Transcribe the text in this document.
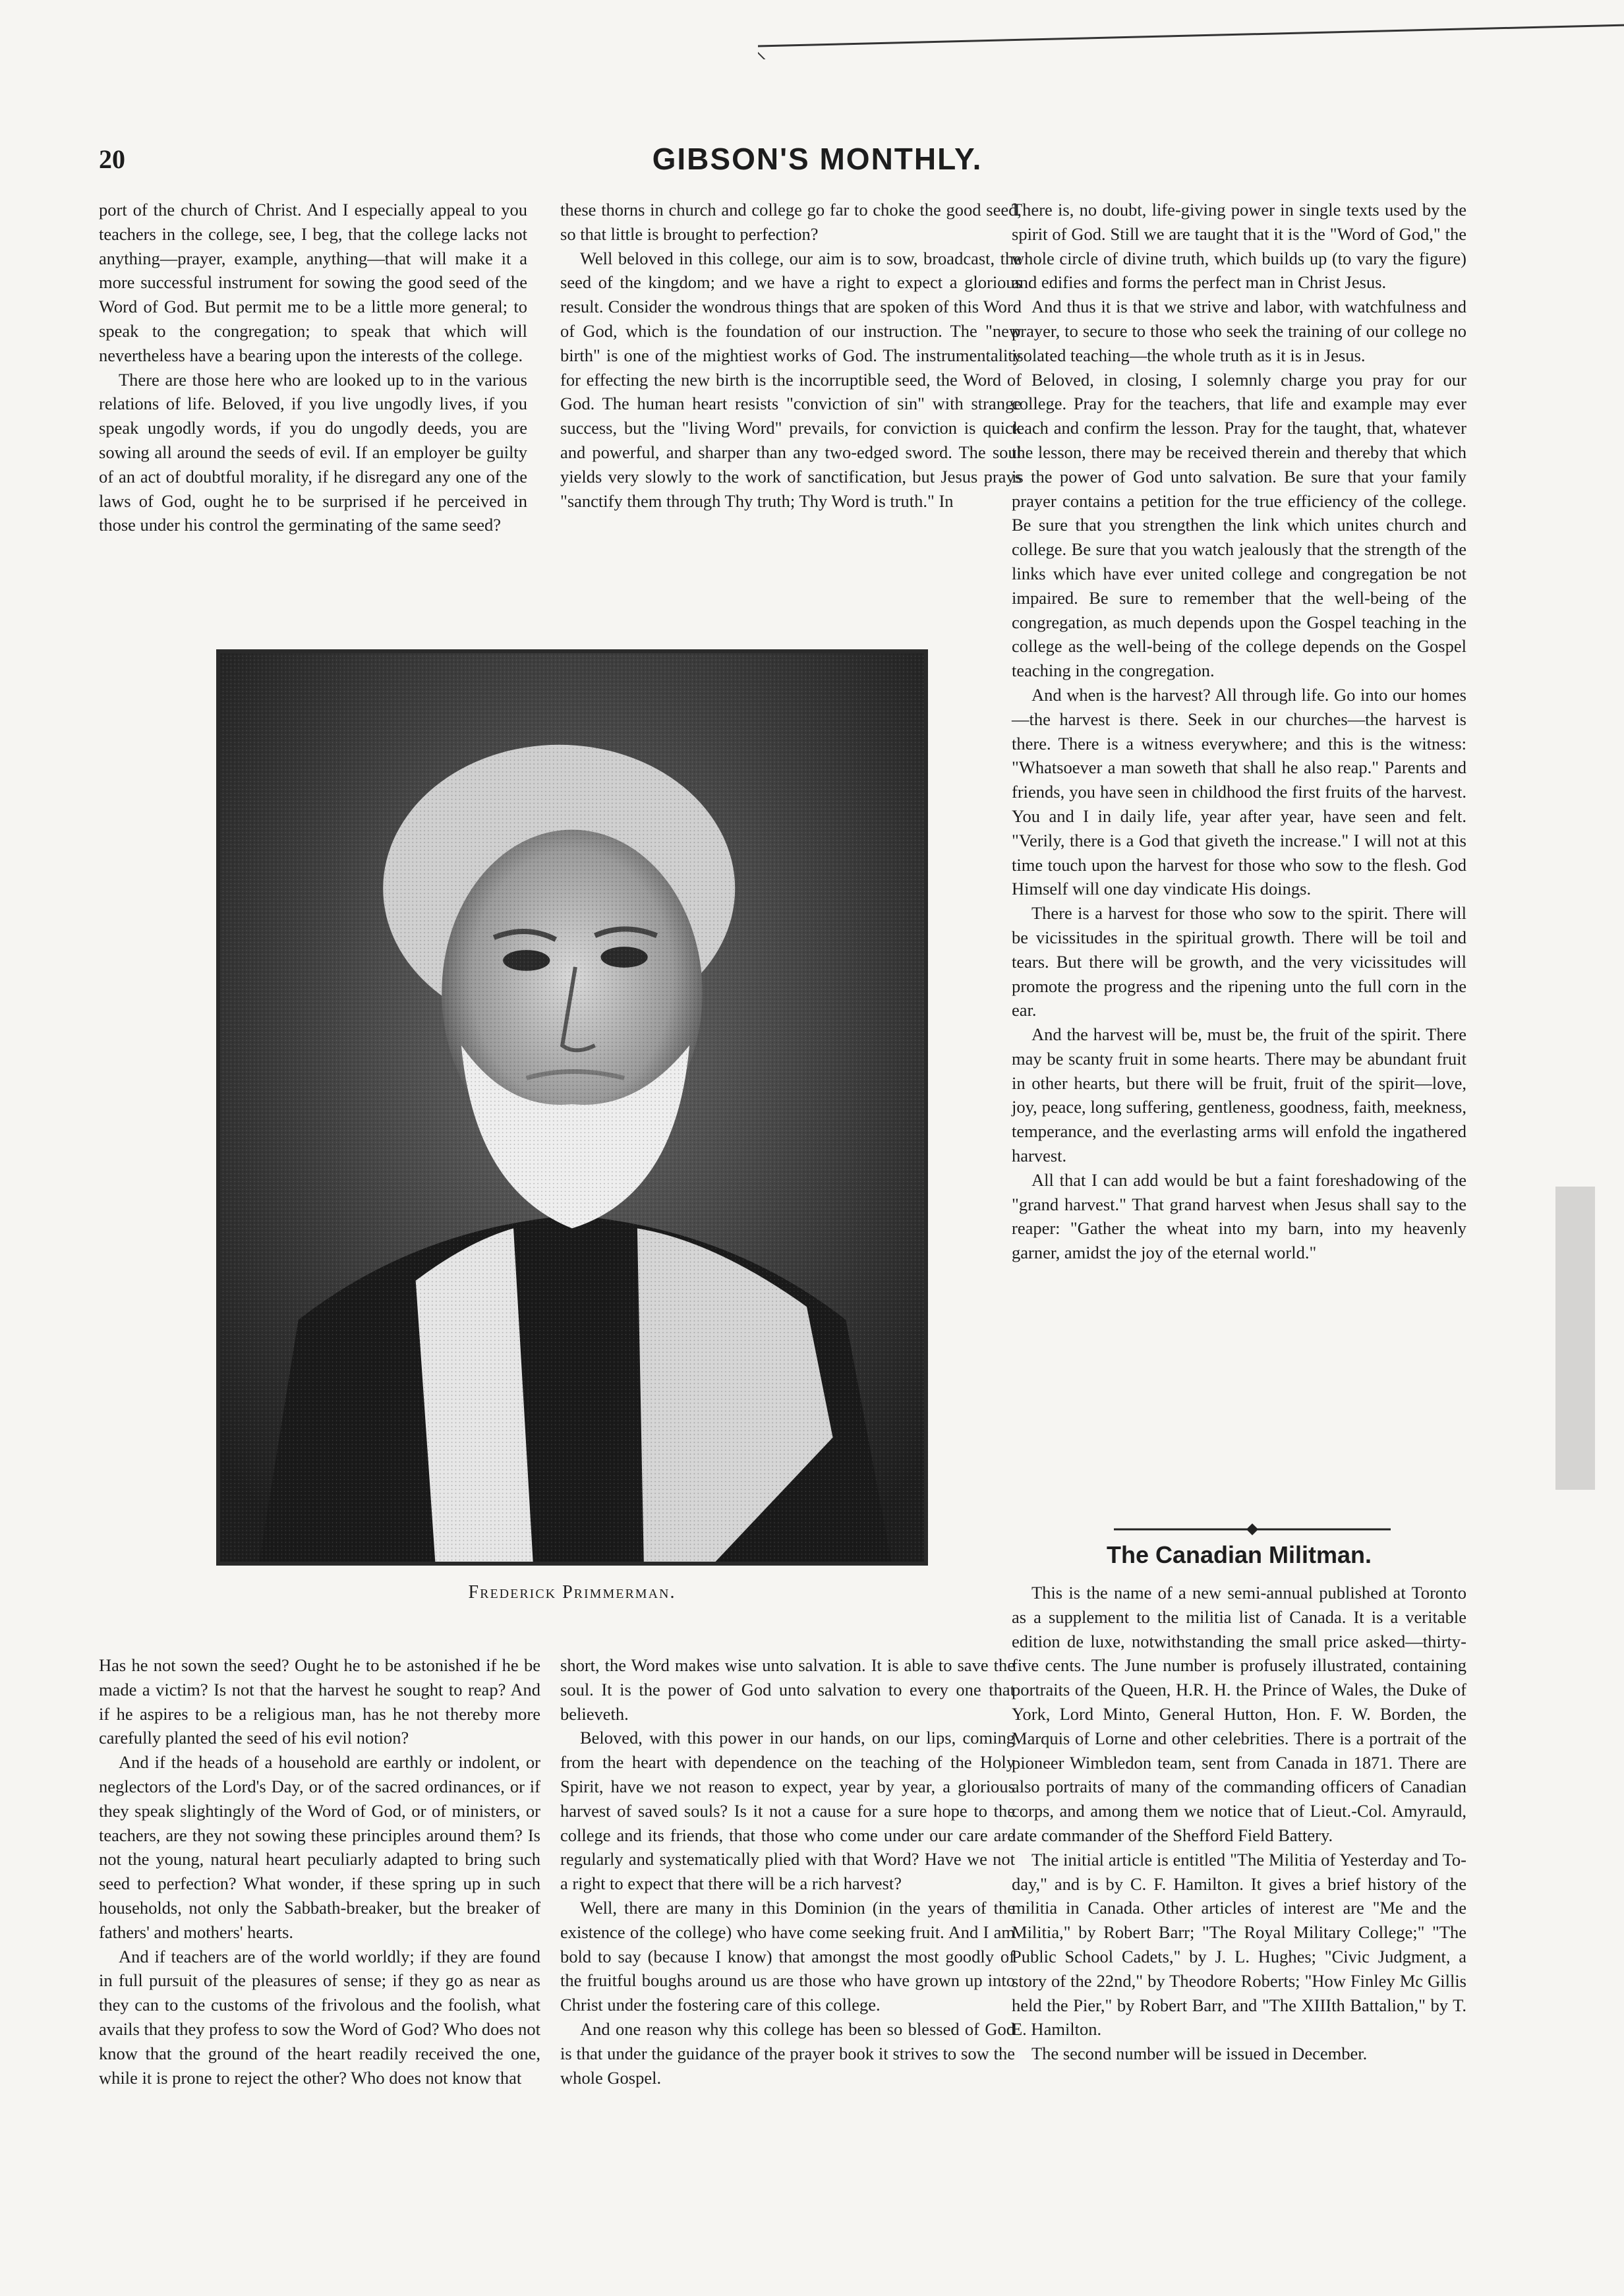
20	GIBSON'S MONTHLY.

port of the church of Christ. And I especially appeal to you teachers in the college, see, I beg, that the college lacks not anything—prayer, example, anything—that will make it a more successful instrument for sowing the good seed of the Word of God. But permit me to be a little more general; to speak to the congregation; to speak that which will nevertheless have a bearing upon the interests of the college.

There are those here who are looked up to in the various relations of life. Beloved, if you live ungodly lives, if you speak ungodly words, if you do ungodly deeds, you are sowing all around the seeds of evil. If an employer be guilty of an act of doubtful morality, if he disregard any one of the laws of God, ought he to be surprised if he perceived in those under his control the germinating of the same seed?

these thorns in church and college go far to choke the good seed, so that little is brought to perfection?

Well beloved in this college, our aim is to sow, broadcast, the seed of the kingdom; and we have a right to expect a glorious result. Consider the wondrous things that are spoken of this Word of God, which is the foundation of our instruction. The "new birth" is one of the mightiest works of God. The instrumentality for effecting the new birth is the incorruptible seed, the Word of God. The human heart resists "conviction of sin" with strange success, but the "living Word" prevails, for conviction is quick and powerful, and sharper than any two-edged sword. The soul yields very slowly to the work of sanctification, but Jesus prays "sanctify them through Thy truth; Thy Word is truth." In

There is, no doubt, life-giving power in single texts used by the spirit of God. Still we are taught that it is the "Word of God," the whole circle of divine truth, which builds up (to vary the figure) and edifies and forms the perfect man in Christ Jesus.

And thus it is that we strive and labor, with watchfulness and prayer, to secure to those who seek the training of our college no isolated teaching—the whole truth as it is in Jesus.

Beloved, in closing, I solemnly charge you pray for our college. Pray for the teachers, that life and example may ever teach and confirm the lesson. Pray for the taught, that, whatever the lesson, there may be received therein and thereby that which is the power of God unto salvation. Be sure that your family prayer contains a petition for the true efficiency of the college. Be sure that you strengthen the link which unites church and college. Be sure that you watch jealously that the strength of the links which have ever united college and congregation be not impaired. Be sure to remember that the well-being of the congregation, as much depends upon the Gospel teaching in the college as the well-being of the college depends on the Gospel teaching in the congregation.

And when is the harvest? All through life. Go into our homes—the harvest is there. Seek in our churches—the harvest is there. There is a witness everywhere; and this is the witness: "Whatsoever a man soweth that shall he also reap." Parents and friends, you have seen in childhood the first fruits of the harvest. You and I in daily life, year after year, have seen and felt. "Verily, there is a God that giveth the increase." I will not at this time touch upon the harvest for those who sow to the flesh. God Himself will one day vindicate His doings.

There is a harvest for those who sow to the spirit. There will be vicissitudes in the spiritual growth. There will be toil and tears. But there will be growth, and the very vicissitudes will promote the progress and the ripening unto the full corn in the ear.

And the harvest will be, must be, the fruit of the spirit. There may be scanty fruit in some hearts. There may be abundant fruit in other hearts, but there will be fruit, fruit of the spirit—love, joy, peace, long suffering, gentleness, goodness, faith, meekness, temperance, and the everlasting arms will enfold the ingathered harvest.

All that I can add would be but a faint foreshadowing of the "grand harvest." That grand harvest when Jesus shall say to the reaper: "Gather the wheat into my barn, into my heavenly garner, amidst the joy of the eternal world."

The Canadian Militman.

This is the name of a new semi-annual published at Toronto as a supplement to the militia list of Canada. It is a veritable edition de luxe, notwithstanding the small price asked—thirty-five cents. The June number is profusely illustrated, containing portraits of the Queen, H.R. H. the Prince of Wales, the Duke of York, Lord Minto, General Hutton, Hon. F. W. Borden, the Marquis of Lorne and other celebrities. There is a portrait of the pioneer Wimbledon team, sent from Canada in 1871. There are also portraits of many of the commanding officers of Canadian corps, and among them we notice that of Lieut.-Col. Amyrauld, late commander of the Shefford Field Battery.

The initial article is entitled "The Militia of Yesterday and To-day," and is by C. F. Hamilton. It gives a brief history of the militia in Canada. Other articles of interest are "Me and the Militia," by Robert Barr; "The Royal Military College;" "The Public School Cadets," by J. L. Hughes; "Civic Judgment, a story of the 22nd," by Theodore Roberts; "How Finley Mc Gillis held the Pier," by Robert Barr, and "The XIIIth Battalion," by T. E. Hamilton.

The second number will be issued in December.

Frederick Primmerman.

Has he not sown the seed? Ought he to be astonished if he be made a victim? Is not that the harvest he sought to reap? And if he aspires to be a religious man, has he not thereby more carefully planted the seed of his evil notion?

And if the heads of a household are earthly or indolent, or neglectors of the Lord's Day, or of the sacred ordinances, or if they speak slightingly of the Word of God, or of ministers, or teachers, are they not sowing these principles around them? Is not the young, natural heart peculiarly adapted to bring such seed to perfection? What wonder, if these spring up in such households, not only the Sabbath-breaker, but the breaker of fathers' and mothers' hearts.

And if teachers are of the world worldly; if they are found in full pursuit of the pleasures of sense; if they go as near as they can to the customs of the frivolous and the foolish, what avails that they profess to sow the Word of God? Who does not know that the ground of the heart readily received the one, while it is prone to reject the other? Who does not know that

short, the Word makes wise unto salvation. It is able to save the soul. It is the power of God unto salvation to every one that believeth.

Beloved, with this power in our hands, on our lips, coming from the heart with dependence on the teaching of the Holy Spirit, have we not reason to expect, year by year, a glorious harvest of saved souls? Is it not a cause for a sure hope to the college and its friends, that those who come under our care are regularly and systematically plied with that Word? Have we not a right to expect that there will be a rich harvest?

Well, there are many in this Dominion (in the years of the existence of the college) who have come seeking fruit. And I am bold to say (because I know) that amongst the most goodly of the fruitful boughs around us are those who have grown up into Christ under the fostering care of this college.

And one reason why this college has been so blessed of God is that under the guidance of the prayer book it strives to sow the whole Gospel.
